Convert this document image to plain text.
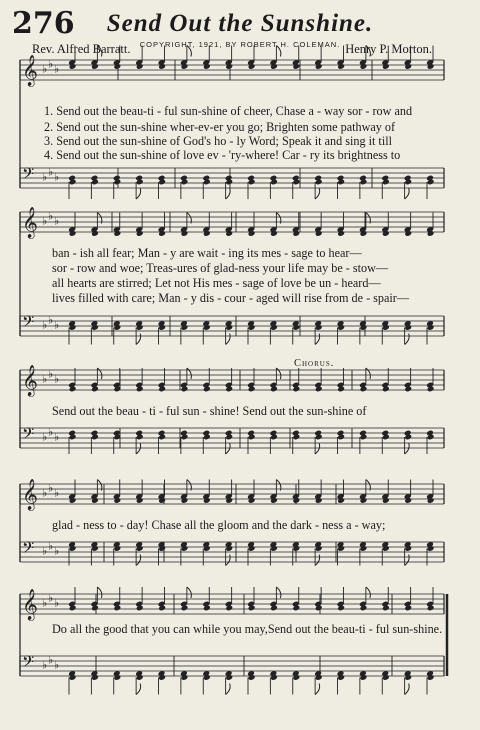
276	Send Out the Sunshine.
COPYRIGHT, 1921, BY ROBERT H. COLEMAN.
Rev. Alfred Barratt.	Henry P. Morton.
𝄞 ♭ ♭ ♭
𝄢 ♭ ♭ ♭
𝄞 ♭ ♭ ♭
𝄢 ♭ ♭ ♭
𝄞 ♭ ♭ ♭
𝄢 ♭ ♭ ♭
𝄞 ♭ ♭ ♭
𝄢 ♭ ♭ ♭
𝄞 ♭ ♭ ♭
𝄢 ♭ ♭ ♭
1. Send out the beau-ti - ful sun-shine of cheer, Chase a - way sor - row and
2. Send out the sun-shine wher-ev-er you go; Brighten some pathway of
3. Send out the sun-shine of God's ho - ly Word; Speak it and sing it till
4. Send out the sun-shine of love ev - 'ry-where! Car - ry its brightness to
ban - ish all fear; Man - y are wait - ing its mes - sage to hear—
sor - row and woe; Treas-ures of glad-ness your life may be - stow—
all hearts are stirred; Let not His mes - sage of love be un - heard—
lives filled with care; Man - y dis - cour - aged will rise from de - spair—
Chorus.
Send out the beau - ti - ful sun - shine! Send out the sun-shine of
glad - ness to - day! Chase all the gloom and the dark - ness a - way;
Do all the good that you can while you may,Send out the beau-ti - ful sun-shine.
